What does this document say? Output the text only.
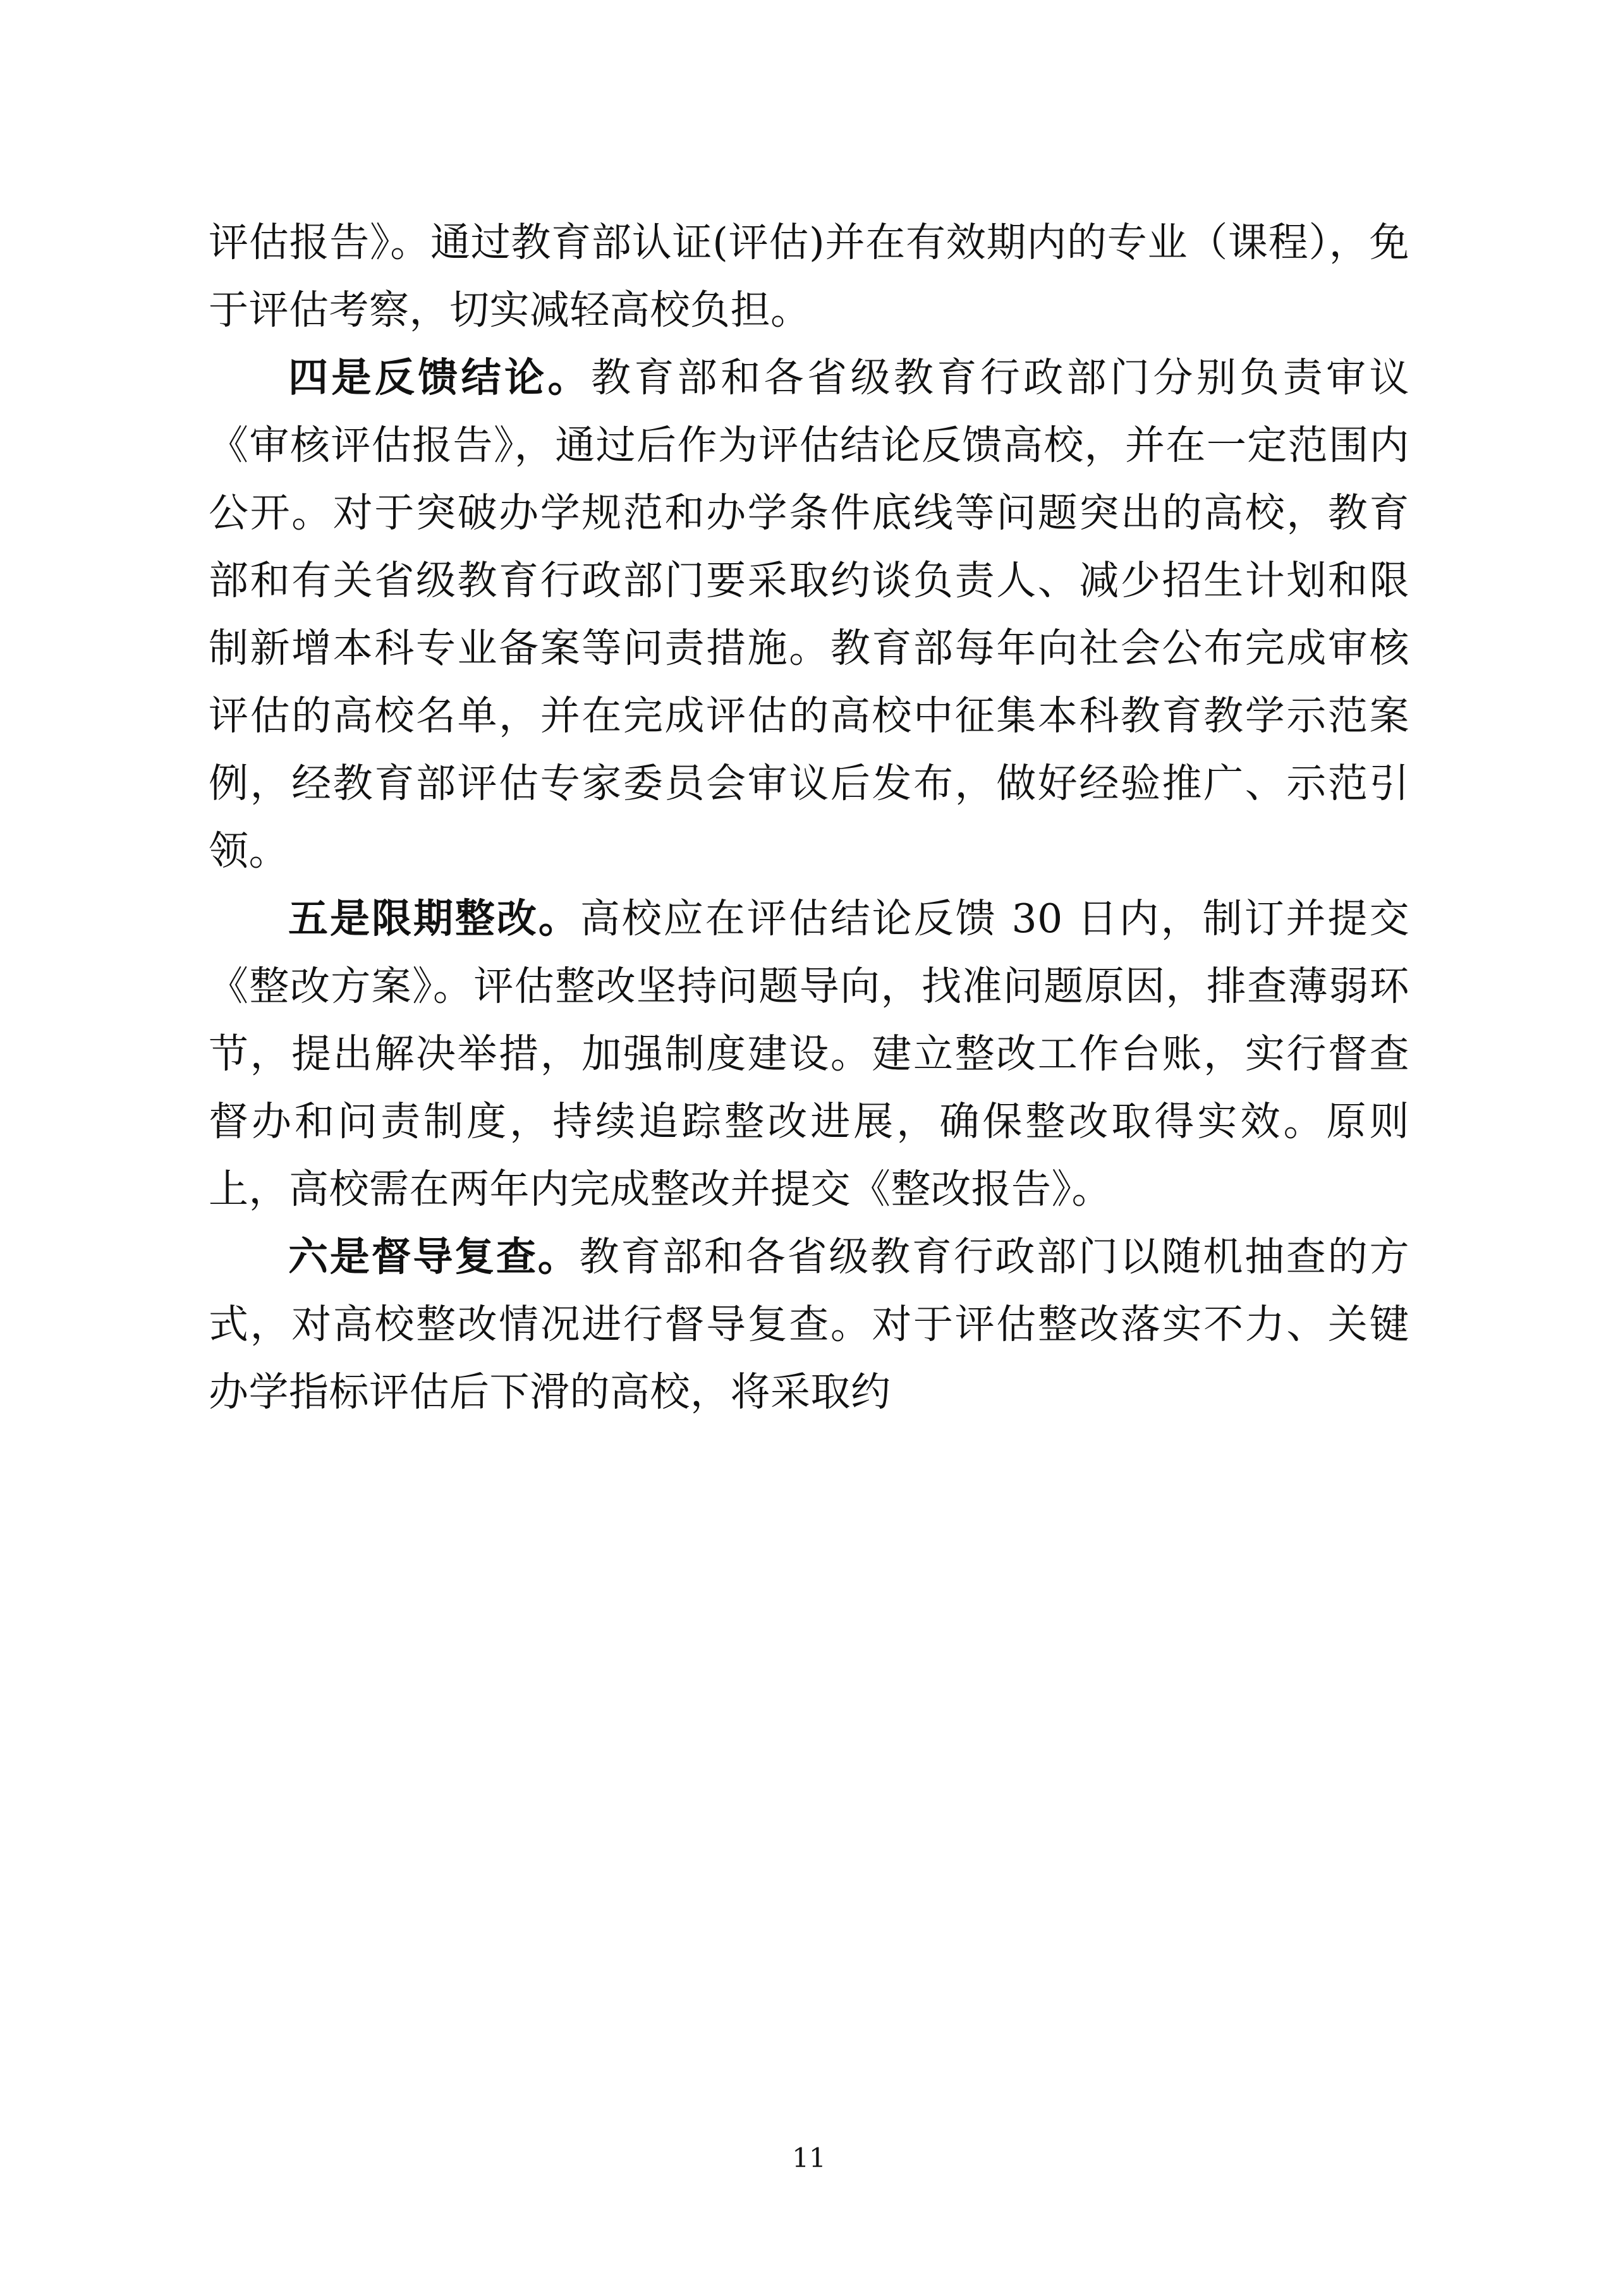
评估报告》。通过教育部认证(评估)并在有效期内的专业（课程），免于评估考察，切实减轻高校负担。

四是反馈结论。教育部和各省级教育行政部门分别负责审议《审核评估报告》，通过后作为评估结论反馈高校，并在一定范围内公开。对于突破办学规范和办学条件底线等问题突出的高校，教育部和有关省级教育行政部门要采取约谈负责人、减少招生计划和限制新增本科专业备案等问责措施。教育部每年向社会公布完成审核评估的高校名单，并在完成评估的高校中征集本科教育教学示范案例，经教育部评估专家委员会审议后发布，做好经验推广、示范引领。

五是限期整改。高校应在评估结论反馈 30 日内，制订并提交《整改方案》。评估整改坚持问题导向，找准问题原因，排查薄弱环节，提出解决举措，加强制度建设。建立整改工作台账，实行督查督办和问责制度，持续追踪整改进展，确保整改取得实效。原则上，高校需在两年内完成整改并提交《整改报告》。

六是督导复查。教育部和各省级教育行政部门以随机抽查的方式，对高校整改情况进行督导复查。对于评估整改落实不力、关键办学指标评估后下滑的高校，将采取约

11
